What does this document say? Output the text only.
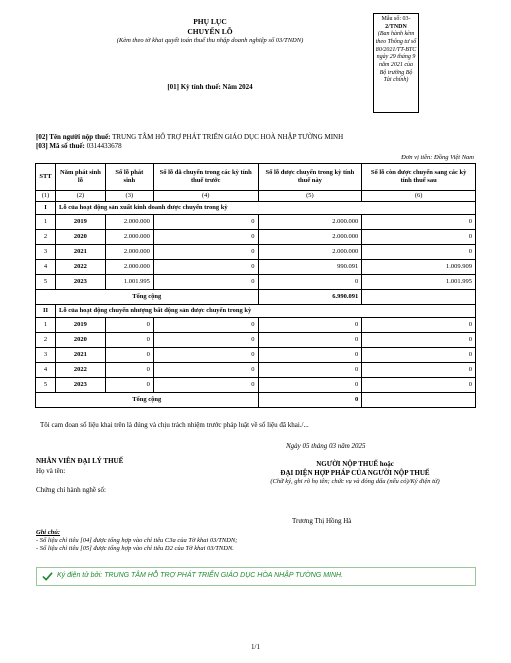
PHỤ LỤC
CHUYỂN LỖ
(Kèm theo tờ khai quyết toán thuế thu nhập doanh nghiệp số 03/TNDN)
Mẫu số: 03-
2/TNDN
(Ban hành kèm theo Thông tư số 80/2021/TT-BTC ngày 29 tháng 9 năm 2021 của Bộ trưởng Bộ Tài chính)
[01] Kỳ tính thuế: Năm 2024
[02] Tên người nộp thuế: TRUNG TÂM HỖ TRỢ PHÁT TRIỂN GIÁO DỤC HOÀ NHẬP TƯỜNG MINH
[03] Mã số thuế: 0314433678
Đơn vị tiền: Đồng Việt Nam
STT	Năm phát sinh lỗ	Số lỗ phát sinh	Số lỗ đã chuyển trong các kỳ tính thuế trước	Số lỗ được chuyển trong kỳ tính thuế này	Số lỗ còn được chuyển sang các kỳ tính thuế sau
(1)	(2)	(3)	(4)	(5)	(6)
I	Lỗ của hoạt động sản xuất kinh doanh được chuyển trong kỳ				
1	2019	2.000.000	0	2.000.000	0
2	2020	2.000.000	0	2.000.000	0
3	2021	2.000.000	0	2.000.000	0
4	2022	2.000.000	0	990.091	1.009.909
5	2023	1.001.995	0	0	1.001.995
Tổng cộng				6.990.091	
II	Lỗ của hoạt động chuyển nhượng bất động sản được chuyển trong kỳ				
1	2019	0	0	0	0
2	2020	0	0	0	0
3	2021	0	0	0	0
4	2022	0	0	0	0
5	2023	0	0	0	0
Tổng cộng				0	
Tôi cam đoan số liệu khai trên là đúng và chịu trách nhiệm trước pháp luật về số liệu đã khai./...
Ngày 05 tháng 03 năm 2025
NHÂN VIÊN ĐẠI LÝ THUẾ
Họ và tên:
Chứng chỉ hành nghề số:
NGƯỜI NỘP THUẾ hoặc
ĐẠI DIỆN HỢP PHÁP CỦA NGƯỜI NỘP THUẾ
(Chữ ký, ghi rõ họ tên; chức vụ và đóng dấu (nếu có)/Ký điện tử)
Trương Thị Hồng Hà
Ghi chú:
- Số liệu chỉ tiêu [04] được tổng hợp vào chỉ tiêu C3a của Tờ khai 03/TNDN;
- Số liệu chỉ tiêu [05] được tổng hợp vào chỉ tiêu D2 của Tờ khai 03/TNDN.
Ký điện tử bởi: TRUNG TÂM HỖ TRỢ PHÁT TRIỂN GIÁO DỤC HÒA NHẬP TƯỜNG MINH.
1/1
